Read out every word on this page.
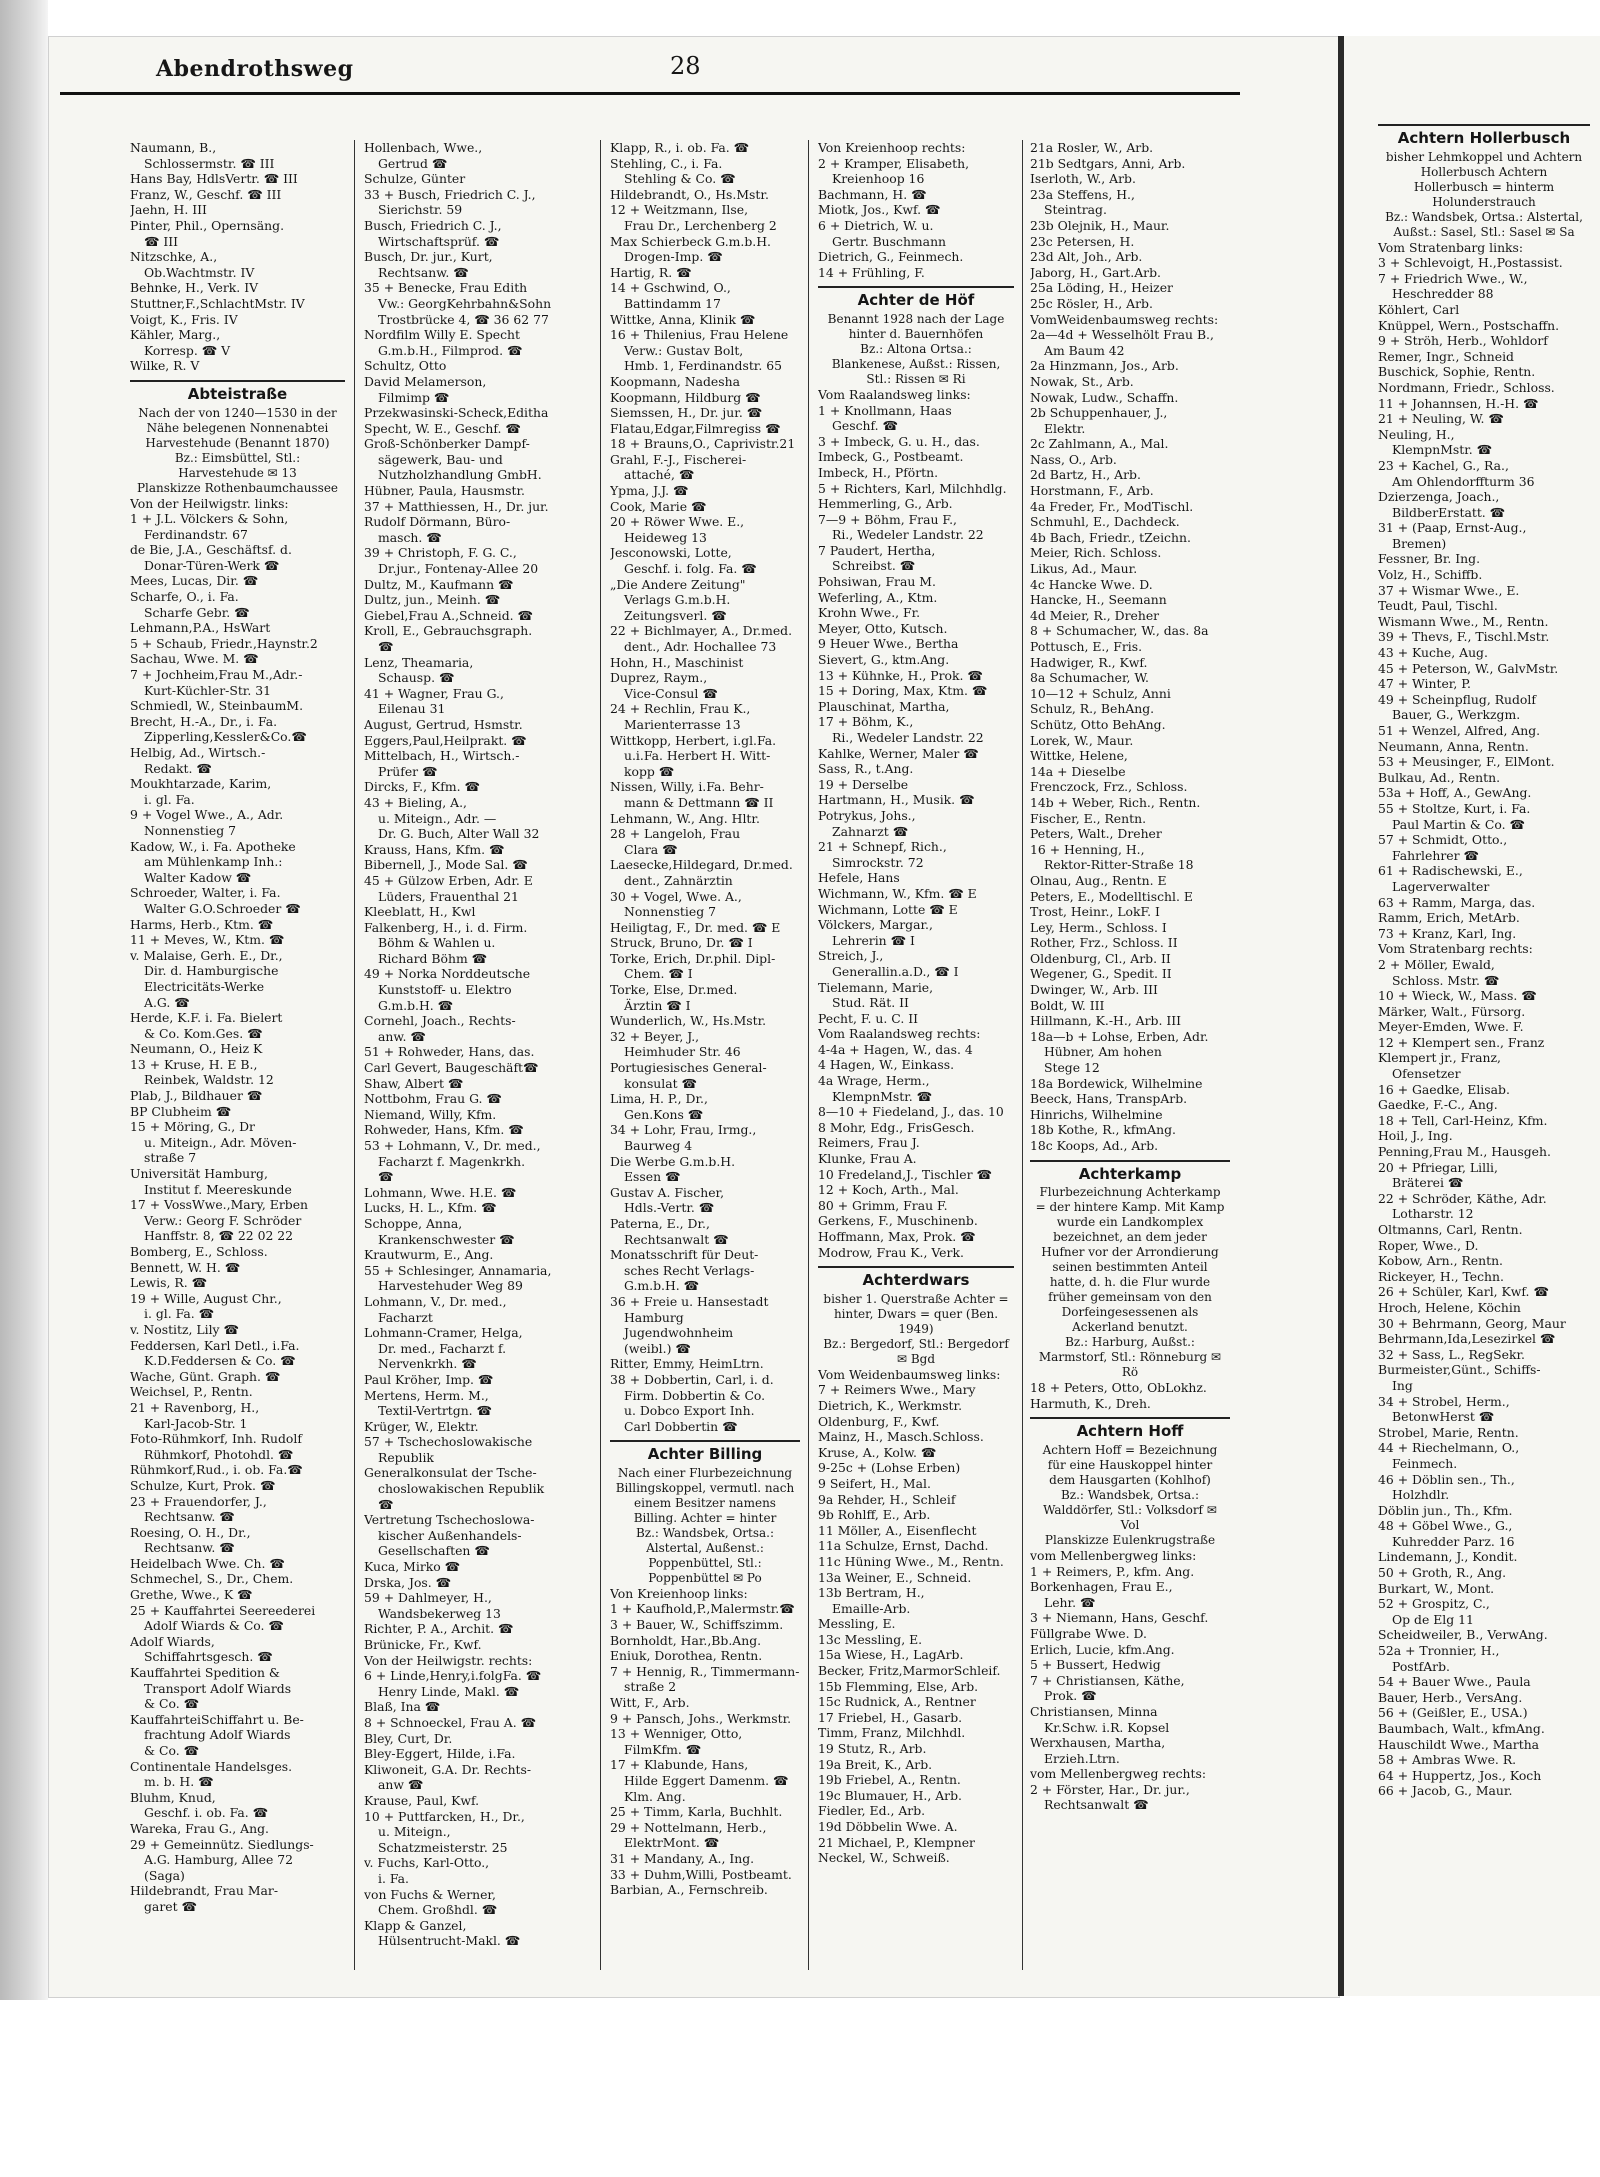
Abendrothsweg	28
Naumann, B.,
Schlossermstr. ☎ III
Hans Bay, HdlsVertr. ☎ III
Franz, W., Geschf. ☎ III
Jaehn, H. III
Pinter, Phil., Opernsäng.
☎ III
Nitzschke, A.,
Ob.Wachtmstr. IV
Behnke, H., Verk. IV
Stuttner,F.,SchlachtMstr. IV
Voigt, K., Fris. IV
Kähler, Marg.,
Korresp. ☎ V
Wilke, R. V
Abteistraße
Nach der von 1240—1530 in der Nähe belegenen Nonnenabtei Harvestehude (Benannt 1870)
Bz.: Eimsbüttel, Stl.: Harvestehude ✉ 13
Planskizze Rothenbaumchaussee
Von der Heilwigstr. links:
1 + J.L. Völckers & Sohn,
Ferdinandstr. 67
de Bie, J.A., Geschäftsf. d.
Donar-Türen-Werk ☎
Mees, Lucas, Dir. ☎
Scharfe, O., i. Fa.
Scharfe Gebr. ☎
Lehmann,P.A., HsWart
5 + Schaub, Friedr.,Haynstr.2
Sachau, Wwe. M. ☎
7 + Jochheim,Frau M.,Adr.-
Kurt-Küchler-Str. 31
Schmiedl, W., SteinbaumM.
Brecht, H.-A., Dr., i. Fa.
Zipperling,Kessler&Co.☎
Helbig, Ad., Wirtsch.-
Redakt. ☎
Moukhtarzade, Karim,
i. gl. Fa.
9 + Vogel Wwe., A., Adr.
Nonnenstieg 7
Kadow, W., i. Fa. Apotheke
am Mühlenkamp Inh.:
Walter Kadow ☎
Schroeder, Walter, i. Fa.
Walter G.O.Schroeder ☎
Harms, Herb., Ktm. ☎
11 + Meves, W., Ktm. ☎
v. Malaise, Gerh. E., Dr.,
Dir. d. Hamburgische
Electricitäts-Werke
A.G. ☎
Herde, K.F. i. Fa. Bielert
& Co. Kom.Ges. ☎
Neumann, O., Heiz K
13 + Kruse, H. E B.,
Reinbek, Waldstr. 12
Plab, J., Bildhauer ☎
BP Clubheim ☎
15 + Möring, G., Dr
u. Miteign., Adr. Möven-
straße 7
Universität Hamburg,
Institut f. Meereskunde
17 + VossWwe.,Mary, Erben
Verw.: Georg F. Schröder
Hanffstr. 8, ☎ 22 02 22
Bomberg, E., Schloss.
Bennett, W. H. ☎
Lewis, R. ☎
19 + Wille, August Chr.,
i. gl. Fa. ☎
v. Nostitz, Lily ☎
Feddersen, Karl Detl., i.Fa.
K.D.Feddersen & Co. ☎
Wache, Günt. Graph. ☎
Weichsel, P., Rentn.
21 + Ravenborg, H.,
Karl-Jacob-Str. 1
Foto-Rühmkorf, Inh. Rudolf
Rühmkorf, Photohdl. ☎
Rühmkorf,Rud., i. ob. Fa.☎
Schulze, Kurt, Prok. ☎
23 + Frauendorfer, J.,
Rechtsanw. ☎
Roesing, O. H., Dr.,
Rechtsanw. ☎
Heidelbach Wwe. Ch. ☎
Schmechel, S., Dr., Chem.
Grethe, Wwe., K ☎
25 + Kauffahrtei Seereederei
Adolf Wiards & Co. ☎
Adolf Wiards,
Schiffahrtsgesch. ☎
Kauffahrtei Spedition &
Transport Adolf Wiards
& Co. ☎
KauffahrteiSchiffahrt u. Be-
frachtung Adolf Wiards
& Co. ☎
Continentale Handelsges.
m. b. H. ☎
Bluhm, Knud,
Geschf. i. ob. Fa. ☎
Wareka, Frau G., Ang.
29 + Gemeinnütz. Siedlungs-
A.G. Hamburg, Allee 72
(Saga)
Hildebrandt, Frau Mar-
garet ☎
Hollenbach, Wwe.,
Gertrud ☎
Schulze, Günter
33 + Busch, Friedrich C. J.,
Sierichstr. 59
Busch, Friedrich C. J.,
Wirtschaftsprüf. ☎
Busch, Dr. jur., Kurt,
Rechtsanw. ☎
35 + Benecke, Frau Edith
Vw.: GeorgKehrbahn&Sohn
Trostbrücke 4, ☎ 36 62 77
Nordfilm Willy E. Specht
G.m.b.H., Filmprod. ☎
Schultz, Otto
David Melamerson,
Filmimp ☎
Przekwasinski-Scheck,Editha
Specht, W. E., Geschf. ☎
Groß-Schönberker Dampf-
sägewerk, Bau- und
Nutzholzhandlung GmbH.
Hübner, Paula, Hausmstr.
37 + Matthiessen, H., Dr. jur.
Rudolf Dörmann, Büro-
masch. ☎
39 + Christoph, F. G. C.,
Dr.jur., Fontenay-Allee 20
Dultz, M., Kaufmann ☎
Dultz, jun., Meinh. ☎
Giebel,Frau A.,Schneid. ☎
Kroll, E., Gebrauchsgraph.
☎
Lenz, Theamaria,
Schausp. ☎
41 + Wagner, Frau G.,
Eilenau 31
August, Gertrud, Hsmstr.
Eggers,Paul,Heilprakt. ☎
Mittelbach, H., Wirtsch.-
Prüfer ☎
Dircks, F., Kfm. ☎
43 + Bieling, A.,
u. Miteign., Adr. —
Dr. G. Buch, Alter Wall 32
Krauss, Hans, Kfm. ☎
Bibernell, J., Mode Sal. ☎
45 + Gülzow Erben, Adr. E
Lüders, Frauenthal 21
Kleeblatt, H., Kwl
Falkenberg, H., i. d. Firm.
Böhm & Wahlen u.
Richard Böhm ☎
49 + Norka Norddeutsche
Kunststoff- u. Elektro
G.m.b.H. ☎
Cornehl, Joach., Rechts-
anw. ☎
51 + Rohweder, Hans, das.
Carl Gevert, Baugeschäft☎
Shaw, Albert ☎
Nottbohm, Frau G. ☎
Niemand, Willy, Kfm.
Rohweder, Hans, Kfm. ☎
53 + Lohmann, V., Dr. med.,
Facharzt f. Magenkrkh.
☎
Lohmann, Wwe. H.E. ☎
Lucks, H. L., Kfm. ☎
Schoppe, Anna,
Krankenschwester ☎
Krautwurm, E., Ang.
55 + Schlesinger, Annamaria,
Harvestehuder Weg 89
Lohmann, V., Dr. med.,
Facharzt
Lohmann-Cramer, Helga,
Dr. med., Facharzt f.
Nervenkrkh. ☎
Paul Kröher, Imp. ☎
Mertens, Herm. M.,
Textil-Vertrtgn. ☎
Krüger, W., Elektr.
57 + Tschechoslowakische
Republik
Generalkonsulat der Tsche-
choslowakischen Republik
☎
Vertretung Tschechoslowa-
kischer Außenhandels-
Gesellschaften ☎
Kuca, Mirko ☎
Drska, Jos. ☎
59 + Dahlmeyer, H.,
Wandsbekerweg 13
Richter, P. A., Archit. ☎
Brünicke, Fr., Kwf.
Von der Heilwigstr. rechts:
6 + Linde,Henry,i.folgFa. ☎
Henry Linde, Makl. ☎
Blaß, Ina ☎
8 + Schnoeckel, Frau A. ☎
Bley, Curt, Dr.
Bley-Eggert, Hilde, i.Fa.
Kliwoneit, G.A. Dr. Rechts-
anw ☎
Krause, Paul, Kwf.
10 + Puttfarcken, H., Dr.,
u. Miteign.,
Schatzmeisterstr. 25
v. Fuchs, Karl-Otto.,
i. Fa.
von Fuchs & Werner,
Chem. Großhdl. ☎
Klapp & Ganzel,
Hülsentrucht-Makl. ☎
Klapp, R., i. ob. Fa. ☎
Stehling, C., i. Fa.
Stehling & Co. ☎
Hildebrandt, O., Hs.Mstr.
12 + Weitzmann, Ilse,
Frau Dr., Lerchenberg 2
Max Schierbeck G.m.b.H.
Drogen-Imp. ☎
Hartig, R. ☎
14 + Gschwind, O.,
Battindamm 17
Wittke, Anna, Klinik ☎
16 + Thilenius, Frau Helene
Verw.: Gustav Bolt,
Hmb. 1, Ferdinandstr. 65
Koopmann, Nadesha
Koopmann, Hildburg ☎
Siemssen, H., Dr. jur. ☎
Flatau,Edgar,Filmregiss ☎
18 + Brauns,O., Caprivistr.21
Grahl, F.-J., Fischerei-
attaché, ☎
Ypma, J.J. ☎
Cook, Marie ☎
20 + Röwer Wwe. E.,
Heideweg 13
Jesconowski, Lotte,
Geschf. i. folg. Fa. ☎
„Die Andere Zeitung"
Verlags G.m.b.H.
Zeitungsverl. ☎
22 + Bichlmayer, A., Dr.med.
dent., Adr. Hochallee 73
Hohn, H., Maschinist
Duprez, Raym.,
Vice-Consul ☎
24 + Rechlin, Frau K.,
Marienterrasse 13
Wittkopp, Herbert, i.gl.Fa.
u.i.Fa. Herbert H. Witt-
kopp ☎
Nissen, Willy, i.Fa. Behr-
mann & Dettmann ☎ II
Lehmann, W., Ang. Hltr.
28 + Langeloh, Frau
Clara ☎
Laesecke,Hildegard, Dr.med.
dent., Zahnärztin
30 + Vogel, Wwe. A.,
Nonnenstieg 7
Heiligtag, F., Dr. med. ☎ E
Struck, Bruno, Dr. ☎ I
Torke, Erich, Dr.phil. Dipl-
Chem. ☎ I
Torke, Else, Dr.med.
Ärztin ☎ I
Wunderlich, W., Hs.Mstr.
32 + Beyer, J.,
Heimhuder Str. 46
Portugiesisches General-
konsulat ☎
Lima, H. P., Dr.,
Gen.Kons ☎
34 + Lohr, Frau, Irmg.,
Baurweg 4
Die Werbe G.m.b.H.
Essen ☎
Gustav A. Fischer,
Hdls.-Vertr. ☎
Paterna, E., Dr.,
Rechtsanwalt ☎
Monatsschrift für Deut-
sches Recht Verlags-
G.m.b.H. ☎
36 + Freie u. Hansestadt
Hamburg
Jugendwohnheim
(weibl.) ☎
Ritter, Emmy, HeimLtrn.
38 + Dobbertin, Carl, i. d.
Firm. Dobbertin & Co.
u. Dobco Export Inh.
Carl Dobbertin ☎
Achter Billing
Nach einer Flurbezeichnung Billingskoppel, vermutl. nach einem Besitzer namens Billing. Achter = hinter
Bz.: Wandsbek, Ortsa.: Alstertal, Außenst.: Poppenbüttel, Stl.: Poppenbüttel ✉ Po
Von Kreienhoop links:
1 + Kaufhold,P.,Malermstr.☎
3 + Bauer, W., Schiffszimm.
Bornholdt, Har.,Bb.Ang.
Eniuk, Dorothea, Rentn.
7 + Hennig, R., Timmermann-
straße 2
Witt, F., Arb.
9 + Pansch, Johs., Werkmstr.
13 + Wenniger, Otto,
FilmKfm. ☎
17 + Klabunde, Hans,
Hilde Eggert Damenm. ☎
Klm. Ang.
25 + Timm, Karla, Buchhlt.
29 + Nottelmann, Herb.,
ElektrMont. ☎
31 + Mandany, A., Ing.
33 + Duhm,Willi, Postbeamt.
Barbian, A., Fernschreib.
Von Kreienhoop rechts:
2 + Kramper, Elisabeth,
Kreienhoop 16
Bachmann, H. ☎
Miotk, Jos., Kwf. ☎
6 + Dietrich, W. u.
Gertr. Buschmann
Dietrich, G., Feinmech.
14 + Frühling, F.
Achter de Höf
Benannt 1928 nach der Lage hinter d. Bauernhöfen
Bz.: Altona Ortsa.: Blankenese, Außst.: Rissen, Stl.: Rissen ✉ Ri
Vom Raalandsweg links:
1 + Knollmann, Haas
Geschf. ☎
3 + Imbeck, G. u. H., das.
Imbeck, G., Postbeamt.
Imbeck, H., Pförtn.
5 + Richters, Karl, Milchhdlg.
Hemmerling, G., Arb.
7—9 + Böhm, Frau F.,
Ri., Wedeler Landstr. 22
7 Paudert, Hertha,
Schreibst. ☎
Pohsiwan, Frau M.
Weferling, A., Ktm.
Krohn Wwe., Fr.
Meyer, Otto, Kutsch.
9 Heuer Wwe., Bertha
Sievert, G., ktm.Ang.
13 + Kühnke, H., Prok. ☎
15 + Doring, Max, Ktm. ☎
Plauschinat, Martha,
17 + Böhm, K.,
Ri., Wedeler Landstr. 22
Kahlke, Werner, Maler ☎
Sass, R., t.Ang.
19 + Derselbe
Hartmann, H., Musik. ☎
Potrykus, Johs.,
Zahnarzt ☎
21 + Schnepf, Rich.,
Simrockstr. 72
Hefele, Hans
Wichmann, W., Kfm. ☎ E
Wichmann, Lotte ☎ E
Völckers, Margar.,
Lehrerin ☎ I
Streich, J.,
Generallin.a.D., ☎ I
Tielemann, Marie,
Stud. Rät. II
Pecht, F. u. C. II
Vom Raalandsweg rechts:
4-4a + Hagen, W., das. 4
4 Hagen, W., Einkass.
4a Wrage, Herm.,
KlempnMstr. ☎
8—10 + Fiedeland, J., das. 10
8 Mohr, Edg., FrisGesch.
Reimers, Frau J.
Klunke, Frau A.
10 Fredeland,J., Tischler ☎
12 + Koch, Arth., Mal.
80 + Grimm, Frau F.
Gerkens, F., Muschinenb.
Hoffmann, Max, Prok. ☎
Modrow, Frau K., Verk.
Achterdwars
bisher 1. Querstraße Achter = hinter, Dwars = quer (Ben. 1949)
Bz.: Bergedorf, Stl.: Bergedorf ✉ Bgd
Vom Weidenbaumsweg links:
7 + Reimers Wwe., Mary
Dietrich, K., Werkmstr.
Oldenburg, F., Kwf.
Mainz, H., Masch.Schloss.
Kruse, A., Kolw. ☎
9-25c + (Lohse Erben)
9 Seifert, H., Mal.
9a Rehder, H., Schleif
9b Rohlff, E., Arb.
11 Möller, A., Eisenflecht
11a Schulze, Ernst, Dachd.
11c Hüning Wwe., M., Rentn.
13a Weiner, E., Schneid.
13b Bertram, H.,
Emaille-Arb.
Messling, E.
13c Messling, E.
15a Wiese, H., LagArb.
Becker, Fritz,MarmorSchleif.
15b Flemming, Else, Arb.
15c Rudnick, A., Rentner
17 Friebel, H., Gasarb.
Timm, Franz, Milchhdl.
19 Stutz, R., Arb.
19a Breit, K., Arb.
19b Friebel, A., Rentn.
19c Blumauer, H., Arb.
Fiedler, Ed., Arb.
19d Döbbelin Wwe. A.
21 Michael, P., Klempner
Neckel, W., Schweiß.
21a Rosler, W., Arb.
21b Sedtgars, Anni, Arb.
Iserloth, W., Arb.
23a Steffens, H.,
Steintrag.
23b Olejnik, H., Maur.
23c Petersen, H.
23d Alt, Joh., Arb.
Jaborg, H., Gart.Arb.
25a Löding, H., Heizer
25c Rösler, H., Arb.
VomWeidenbaumsweg rechts:
2a—4d + Wesselhölt Frau B.,
Am Baum 42
2a Hinzmann, Jos., Arb.
Nowak, St., Arb.
Nowak, Ludw., Schaffn.
2b Schuppenhauer, J.,
Elektr.
2c Zahlmann, A., Mal.
Nass, O., Arb.
2d Bartz, H., Arb.
Horstmann, F., Arb.
4a Freder, Fr., ModTischl.
Schmuhl, E., Dachdeck.
4b Bach, Friedr., tZeichn.
Meier, Rich. Schloss.
Likus, Ad., Maur.
4c Hancke Wwe. D.
Hancke, H., Seemann
4d Meier, R., Dreher
8 + Schumacher, W., das. 8a
Pottusch, E., Fris.
Hadwiger, R., Kwf.
8a Schumacher, W.
10—12 + Schulz, Anni
Schulz, R., BehAng.
Schütz, Otto BehAng.
Lorek, W., Maur.
Wittke, Helene,
14a + Dieselbe
Frenczock, Frz., Schloss.
14b + Weber, Rich., Rentn.
Fischer, E., Rentn.
Peters, Walt., Dreher
16 + Henning, H.,
Rektor-Ritter-Straße 18
Olnau, Aug., Rentn. E
Peters, E., Modelltischl. E
Trost, Heinr., LokF. I
Ley, Herm., Schloss. I
Rother, Frz., Schloss. II
Oldenburg, Cl., Arb. II
Wegener, G., Spedit. II
Dwinger, W., Arb. III
Boldt, W. III
Hillmann, K.-H., Arb. III
18a—b + Lohse, Erben, Adr.
Hübner, Am hohen
Stege 12
18a Bordewick, Wilhelmine
Beeck, Hans, TranspArb.
Hinrichs, Wilhelmine
18b Kothe, R., kfmAng.
18c Koops, Ad., Arb.
Achterkamp
Flurbezeichnung Achterkamp = der hintere Kamp. Mit Kamp wurde ein Landkomplex bezeichnet, an dem jeder Hufner vor der Arrondierung seinen bestimmten Anteil hatte, d. h. die Flur wurde früher gemeinsam von den Dorfeingesessenen als Ackerland benutzt.
Bz.: Harburg, Außst.: Marmstorf, Stl.: Rönneburg ✉ Rö
18 + Peters, Otto, ObLokhz.
Harmuth, K., Dreh.
Achtern Hoff
Achtern Hoff = Bezeichnung für eine Hauskoppel hinter dem Hausgarten (Kohlhof)
Bz.: Wandsbek, Ortsa.: Walddörfer, Stl.: Volksdorf ✉ Vol
Planskizze Eulenkrugstraße
vom Mellenbergweg links:
1 + Reimers, P., kfm. Ang.
Borkenhagen, Frau E.,
Lehr. ☎
3 + Niemann, Hans, Geschf.
Füllgrabe Wwe. D.
Erlich, Lucie, kfm.Ang.
5 + Bussert, Hedwig
7 + Christiansen, Käthe,
Prok. ☎
Christiansen, Minna
Kr.Schw. i.R. Kopsel
Werxhausen, Martha,
Erzieh.Ltrn.
vom Mellenbergweg rechts:
2 + Förster, Har., Dr. jur.,
Rechtsanwalt ☎
Achtern Hollerbusch
bisher Lehmkoppel und Achtern Hollerbusch Achtern Hollerbusch = hinterm Holunderstrauch
Bz.: Wandsbek, Ortsa.: Alstertal, Außst.: Sasel, Stl.: Sasel ✉ Sa
Vom Stratenbarg links:
3 + Schlevoigt, H.,Postassist.
7 + Friedrich Wwe., W.,
Heschredder 88
Köhlert, Carl
Knüppel, Wern., Postschaffn.
9 + Ströh, Herb., Wohldorf
Remer, Ingr., Schneid
Buschick, Sophie, Rentn.
Nordmann, Friedr., Schloss.
11 + Johannsen, H.-H. ☎
21 + Neuling, W. ☎
Neuling, H.,
KlempnMstr. ☎
23 + Kachel, G., Ra.,
Am Ohlendorffturm 36
Dzierzenga, Joach.,
BildberErstatt. ☎
31 + (Paap, Ernst-Aug.,
Bremen)
Fessner, Br. Ing.
Volz, H., Schiffb.
37 + Wismar Wwe., E.
Teudt, Paul, Tischl.
Wismann Wwe., M., Rentn.
39 + Thevs, F., Tischl.Mstr.
43 + Kuche, Aug.
45 + Peterson, W., GalvMstr.
47 + Winter, P.
49 + Scheinpflug, Rudolf
Bauer, G., Werkzgm.
51 + Wenzel, Alfred, Ang.
Neumann, Anna, Rentn.
53 + Meusinger, F., ElMont.
Bulkau, Ad., Rentn.
53a + Hoff, A., GewAng.
55 + Stoltze, Kurt, i. Fa.
Paul Martin & Co. ☎
57 + Schmidt, Otto.,
Fahrlehrer ☎
61 + Radischewski, E.,
Lagerverwalter
63 + Ramm, Marga, das.
Ramm, Erich, MetArb.
73 + Kranz, Karl, Ing.
Vom Stratenbarg rechts:
2 + Möller, Ewald,
Schloss. Mstr. ☎
10 + Wieck, W., Mass. ☎
Märker, Walt., Fürsorg.
Meyer-Emden, Wwe. F.
12 + Klempert sen., Franz
Klempert jr., Franz,
Ofensetzer
16 + Gaedke, Elisab.
Gaedke, F.-C., Ang.
18 + Tell, Carl-Heinz, Kfm.
Hoil, J., Ing.
Penning,Frau M., Hausgeh.
20 + Pfriegar, Lilli,
Bräterei ☎
22 + Schröder, Käthe, Adr.
Lotharstr. 12
Oltmanns, Carl, Rentn.
Roper, Wwe., D.
Kobow, Arn., Rentn.
Rickeyer, H., Techn.
26 + Schüler, Karl, Kwf. ☎
Hroch, Helene, Köchin
30 + Behrmann, Georg, Maur
Behrmann,Ida,Lesezirkel ☎
32 + Sass, L., RegSekr.
Burmeister,Günt., Schiffs-
Ing
34 + Strobel, Herm.,
BetonwHerst ☎
Strobel, Marie, Rentn.
44 + Riechelmann, O.,
Feinmech.
46 + Döblin sen., Th.,
Holzhdlr.
Döblin jun., Th., Kfm.
48 + Göbel Wwe., G.,
Kuhredder Parz. 16
Lindemann, J., Kondit.
50 + Groth, R., Ang.
Burkart, W., Mont.
52 + Grospitz, C.,
Op de Elg 11
Scheidweiler, B., VerwAng.
52a + Tronnier, H.,
PostfArb.
54 + Bauer Wwe., Paula
Bauer, Herb., VersAng.
56 + (Geißler, E., USA.)
Baumbach, Walt., kfmAng.
Hauschildt Wwe., Martha
58 + Ambras Wwe. R.
64 + Huppertz, Jos., Koch
66 + Jacob, G., Maur.
